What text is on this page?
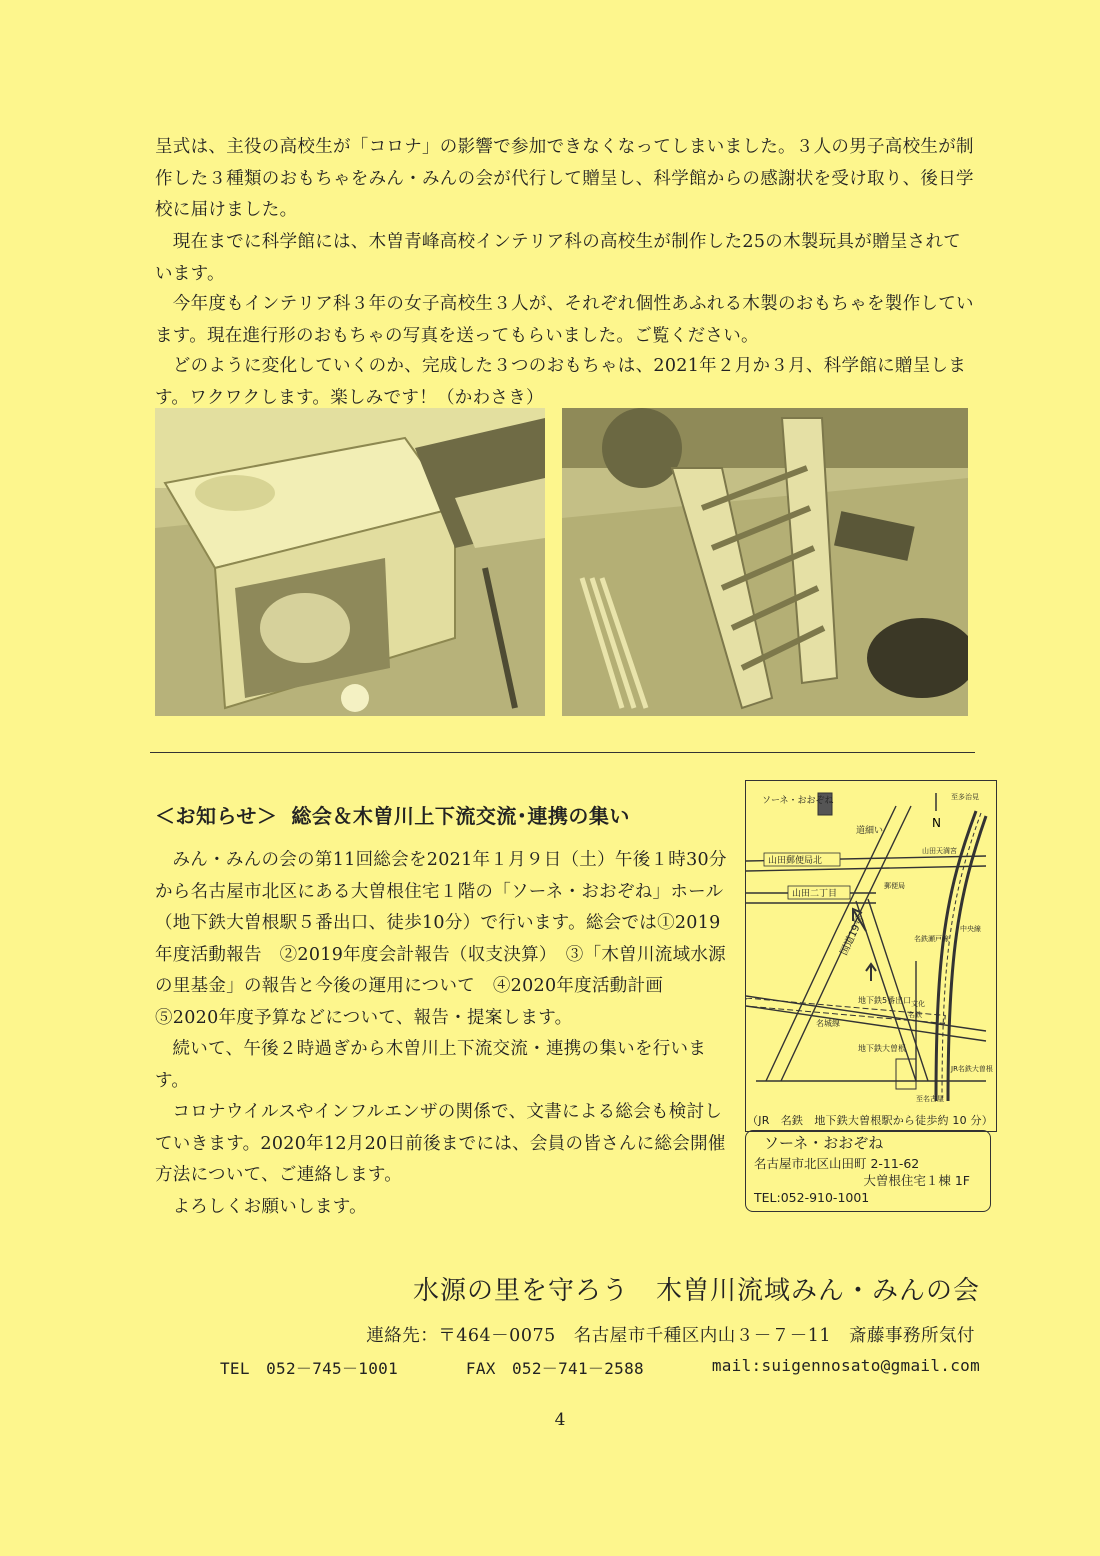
呈式は、主役の高校生が「コロナ」の影響で参加できなくなってしまいました。３人の男子高校生が制作した３種類のおもちゃをみん・みんの会が代行して贈呈し、科学館からの感謝状を受け取り、後日学校に届けました。

　現在までに科学館には、木曽青峰高校インテリア科の高校生が制作した25の木製玩具が贈呈されています。

　今年度もインテリア科３年の女子高校生３人が、それぞれ個性あふれる木製のおもちゃを製作しています。現在進行形のおもちゃの写真を送ってもらいました。ご覧ください。

　どのように変化していくのか、完成した３つのおもちゃは、2021年２月か３月、科学館に贈呈します。ワクワクします。楽しみです！（かわさき）

＜お知らせ＞ 総会＆木曽川上下流交流･連携の集い

みん・みんの会の第11回総会を2021年１月９日（土）午後１時30分から名古屋市北区にある大曽根住宅１階の「ソーネ・おおぞね」ホール（地下鉄大曽根駅５番出口、徒歩10分）で行います。総会では①2019年度活動報告　②2019年度会計報告（収支決算）　③「木曽川流域水源の里基金」の報告と今後の運用について　④2020年度活動計画　⑤2020年度予算などについて、報告・提案します。

続いて、午後２時過ぎから木曽川上下流交流・連携の集いを行います。

コロナウイルスやインフルエンザの関係で、文書による総会も検討していきます。2020年12月20日前後までには、会員の皆さんに総会開催方法について、ご連絡します。

よろしくお願いします。

N
ソーネ・おおぞね
道細い
至多治見
山田郵便局北
山田二丁目
郵便局
山田天満宮
国道19号	中央線
名鉄瀬戸線
地下鉄5番出口 文化
名鉄
名城線
地下鉄大曽根
JR名鉄大曽根
至名古屋
（JR　名鉄　地下鉄大曽根駅から徒歩約 10 分）
ソーネ・おおぞね
名古屋市北区山田町 2-11-62
大曽根住宅１棟 1F
TEL:052-910-1001
水源の里を守ろう　木曽川流域みん・みんの会
連絡先：〒464－0075　名古屋市千種区内山３－７－11　斎藤事務所気付
TEL　052－745－1001	FAX　052－741－2588	mail:suigennosato@gmail.com
4
